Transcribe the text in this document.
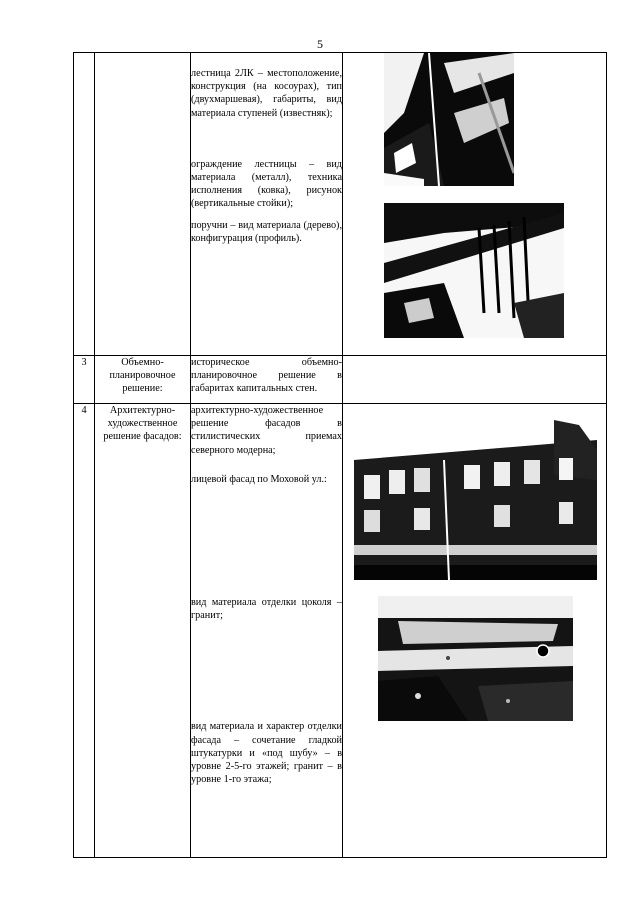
5

		лестница 2ЛК – местоположение, конструкция (на косоурах), тип (двухмаршевая), габариты, вид материала ступеней (известняк);
ограждение лестницы – вид материала (металл), техника исполнения (ковка), рисунок (вертикальные стойки);
поручни – вид материала (дерево), конфигурация (профиль).

3	Объемно-планировочное решение:	историческое объемно-планировочное решение в габаритах капитальных стен.	

4	Архитектурно-художественное решение фасадов:	архитектурно-художественное решение фасадов в стилистических приемах северного модерна;
лицевой фасад по Моховой ул.:
вид материала отделки цоколя – гранит;
вид материала и характер отделки фасада – сочетание гладкой штукатурки и «под шубу» – в уровне 2-5-го этажей; гранит – в уровне 1-го этажа;
